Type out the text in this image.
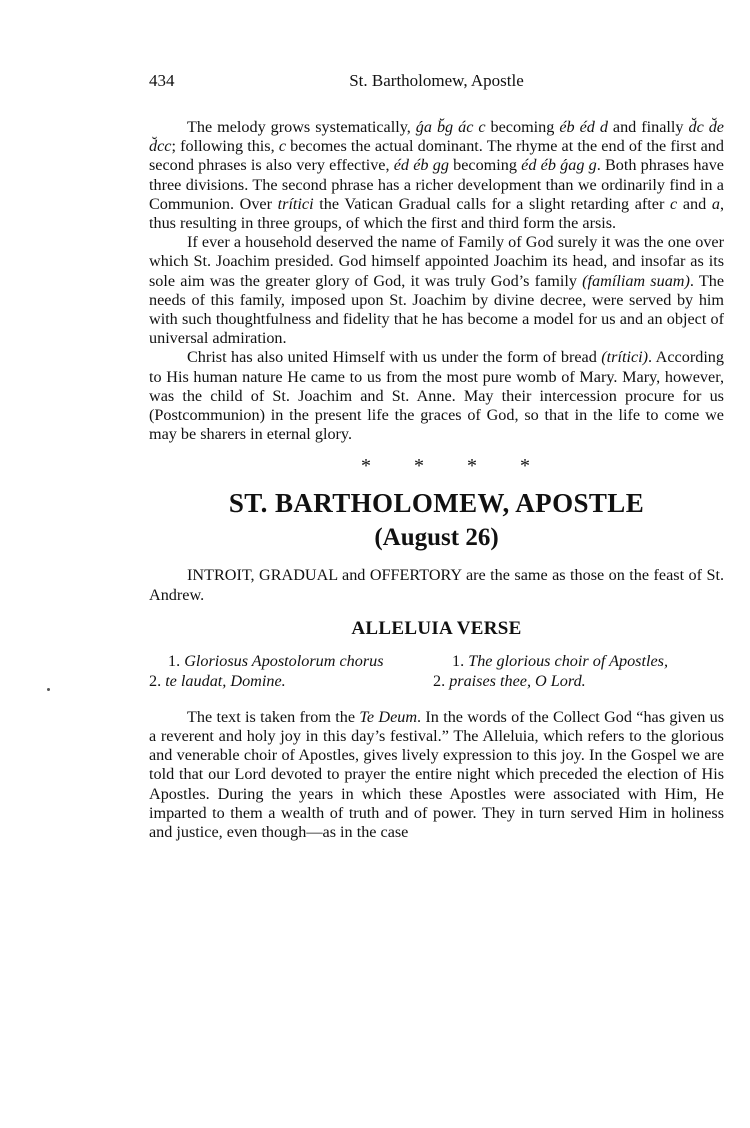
434	St. Bartholomew, Apostle

The melody grows systematically, ǵa b̆g ác c becoming éb éd d and finally d̆c d̆e d̆cc; following this, c becomes the actual dominant. The rhyme at the end of the first and second phrases is also very effective, éd éb gg becoming éd éb ǵag g. Both phrases have three divisions. The second phrase has a richer development than we ordinarily find in a Communion. Over trítici the Vatican Gradual calls for a slight retarding after c and a, thus resulting in three groups, of which the first and third form the arsis.

If ever a household deserved the name of Family of God surely it was the one over which St. Joachim presided. God himself appointed Joachim its head, and insofar as its sole aim was the greater glory of God, it was truly God’s family (famíliam suam). The needs of this family, imposed upon St. Joachim by divine decree, were served by him with such thoughtfulness and fidelity that he has become a model for us and an object of universal admiration.

Christ has also united Himself with us under the form of bread (trítici). According to His human nature He came to us from the most pure womb of Mary. Mary, however, was the child of St. Joachim and St. Anne. May their intercession procure for us (Postcommunion) in the present life the graces of God, so that in the life to come we may be sharers in eternal glory.

* * * *
ST. BARTHOLOMEW, APOSTLE
(August 26)

INTROIT, GRADUAL and OFFERTORY are the same as those on the feast of St. Andrew.

ALLELUIA VERSE
1. Gloriosus Apostolorum chorus	1. The glorious choir of Apostles,
2. te laudat, Domine.	2. praises thee, O Lord.

The text is taken from the Te Deum. In the words of the Collect God “has given us a reverent and holy joy in this day’s festival.” The Alleluia, which refers to the glorious and venerable choir of Apostles, gives lively expression to this joy. In the Gospel we are told that our Lord devoted to prayer the entire night which preceded the election of His Apostles. During the years in which these Apostles were associated with Him, He imparted to them a wealth of truth and of power. They in turn served Him in holiness and justice, even though—as in the case
